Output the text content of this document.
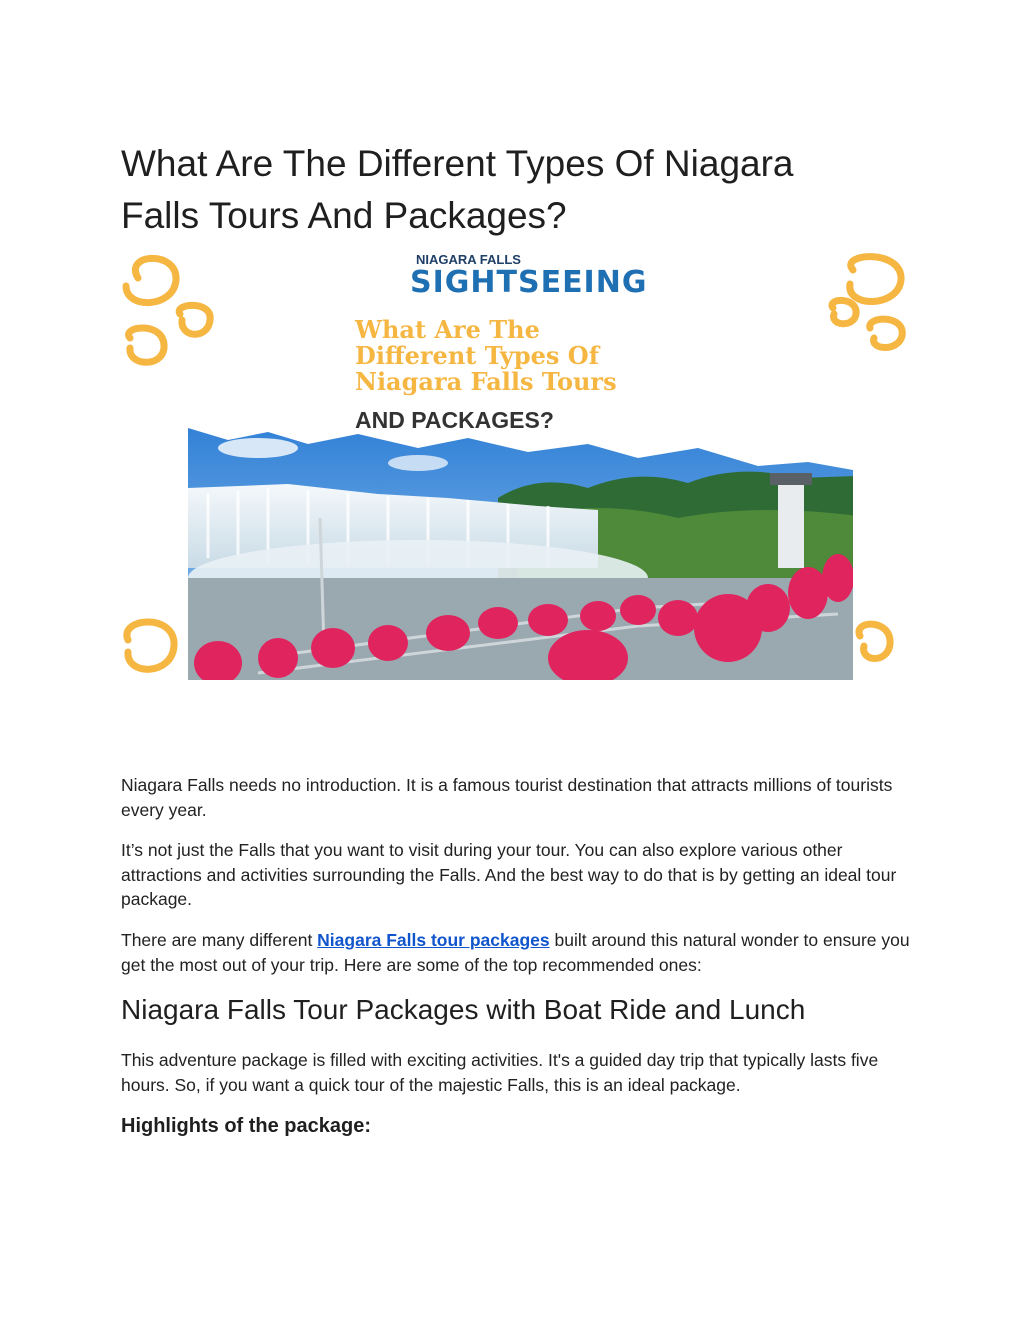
What Are The Different Types Of Niagara Falls Tours And Packages?
NIAGARA FALLS
SIGHTSEEING
What Are The
Different Types Of
Niagara Falls Tours
AND PACKAGES?

Niagara Falls needs no introduction. It is a famous tourist destination that attracts millions of tourists every year.

It’s not just the Falls that you want to visit during your tour. You can also explore various other attractions and activities surrounding the Falls. And the best way to do that is by getting an ideal tour package.

There are many different Niagara Falls tour packages built around this natural wonder to ensure you get the most out of your trip. Here are some of the top recommended ones:

Niagara Falls Tour Packages with Boat Ride and Lunch

This adventure package is filled with exciting activities. It's a guided day trip that typically lasts five hours. So, if you want a quick tour of the majestic Falls, this is an ideal package.

Highlights of the package:
